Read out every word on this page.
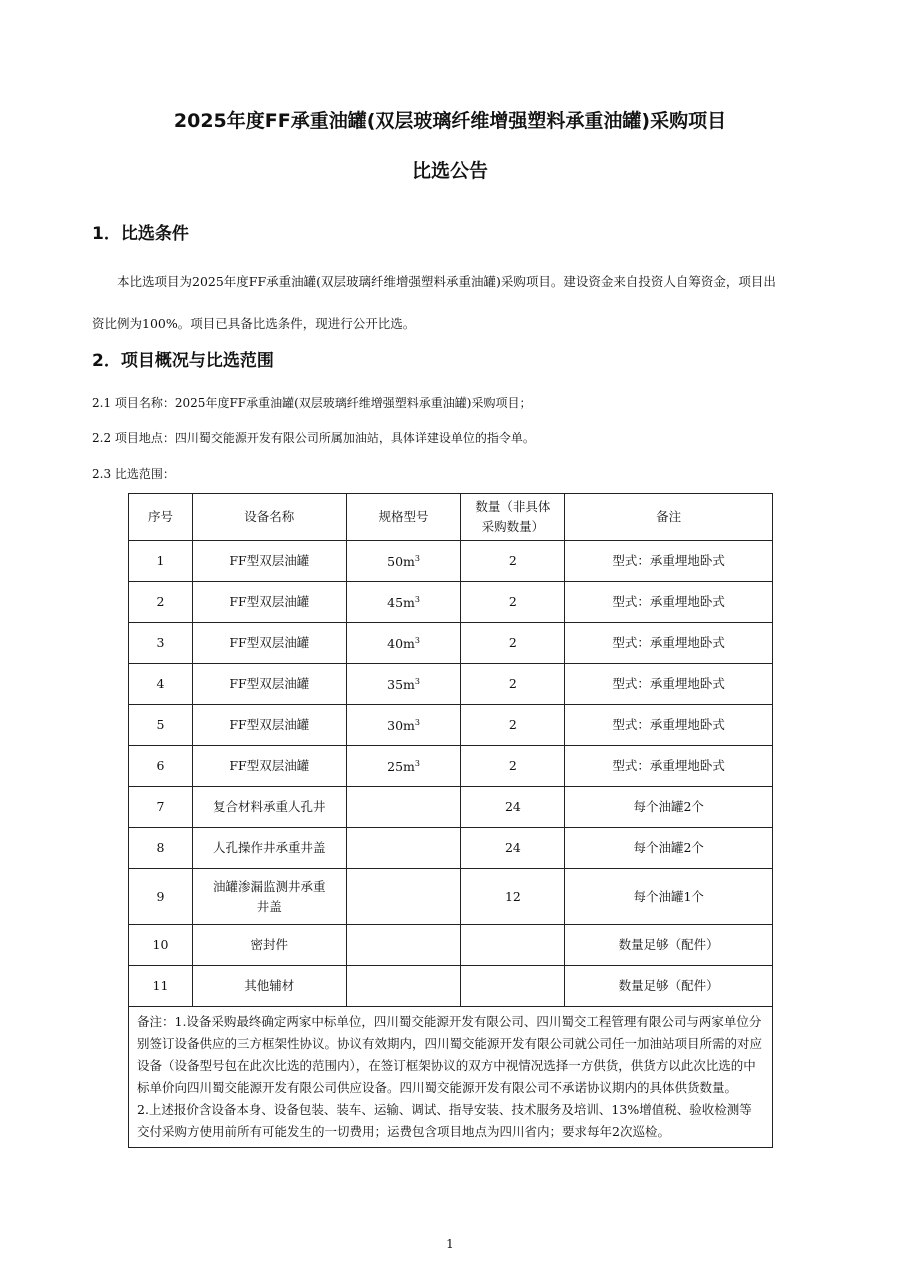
2025年度FF承重油罐(双层玻璃纤维增强塑料承重油罐)采购项目
比选公告
1．比选条件
本比选项目为2025年度FF承重油罐(双层玻璃纤维增强塑料承重油罐)采购项目。建设资金来自投资人自筹资金，项目出
资比例为100%。项目已具备比选条件，现进行公开比选。
2．项目概况与比选范围
2.1 项目名称：2025年度FF承重油罐(双层玻璃纤维增强塑料承重油罐)采购项目；
2.2 项目地点：四川蜀交能源开发有限公司所属加油站，具体详建设单位的指令单。
2.3 比选范围：
序号	设备名称	规格型号	数量（非具体
采购数量）	备注
1	FF型双层油罐	$50m^3$	2	型式：承重埋地卧式
2	FF型双层油罐	$45m^3$	2	型式：承重埋地卧式
3	FF型双层油罐	$40m^3$	2	型式：承重埋地卧式
4	FF型双层油罐	$35m^3$	2	型式：承重埋地卧式
5	FF型双层油罐	$30m^3$	2	型式：承重埋地卧式
6	FF型双层油罐	$25m^3$	2	型式：承重埋地卧式
7	复合材料承重人孔井		24	每个油罐2个
8	人孔操作井承重井盖		24	每个油罐2个
9	油罐渗漏监测井承重
井盖		12	每个油罐1个
10	密封件			数量足够（配件）
11	其他辅材			数量足够（配件）

备注：1.设备采购最终确定两家中标单位，四川蜀交能源开发有限公司、四川蜀交工程管理有限公司与两家单位分别签订设备供应的三方框架性协议。协议有效期内，四川蜀交能源开发有限公司就公司任一加油站项目所需的对应设备（设备型号包在此次比选的范围内），在签订框架协议的双方中视情况选择一方供货，供货方以此次比选的中标单价向四川蜀交能源开发有限公司供应设备。四川蜀交能源开发有限公司不承诺协议期内的具体供货数量。
2.上述报价含设备本身、设备包装、装车、运输、调试、指导安装、技术服务及培训、13%增值税、验收检测等交付采购方使用前所有可能发生的一切费用；运费包含项目地点为四川省内；要求每年2次巡检。				
1
